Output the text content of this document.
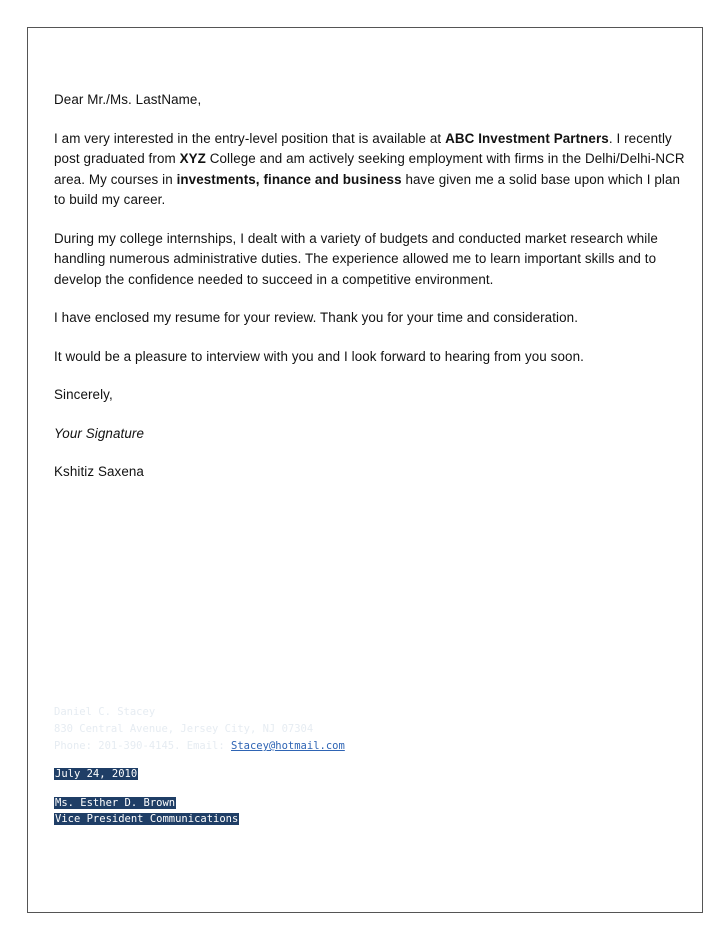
Dear Mr./Ms. LastName,

I am very interested in the entry-level position that is available at ABC Investment Partners. I recently post graduated from XYZ College and am actively seeking employment with firms in the Delhi/Delhi-NCR area. My courses in investments, finance and business have given me a solid base upon which I plan to build my career.

During my college internships, I dealt with a variety of budgets and conducted market research while handling numerous administrative duties. The experience allowed me to learn important skills and to develop the confidence needed to succeed in a competitive environment.

I have enclosed my resume for your review. Thank you for your time and consideration.

It would be a pleasure to interview with you and I look forward to hearing from you soon.

Sincerely,

Your Signature

Kshitiz Saxena

Daniel C. Stacey
830 Central Avenue, Jersey City, NJ 07304
Phone: 201-390-4145. Email: Stacey@hotmail.com
July 24, 2010
Ms. Esther D. Brown
Vice President Communications
